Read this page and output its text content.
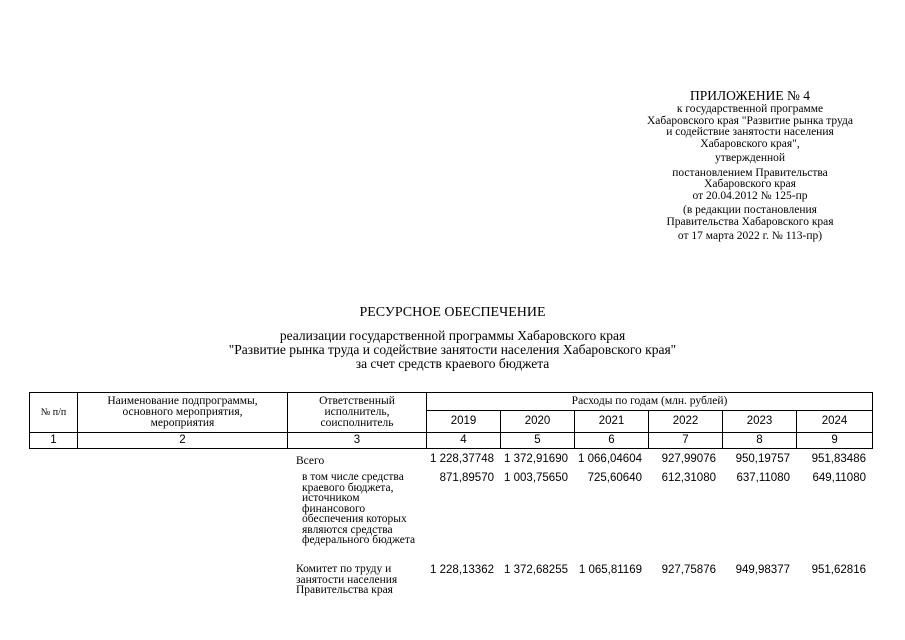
ПРИЛОЖЕНИЕ № 4
к государственной программе
Хабаровского края "Развитие рынка труда
и содействие занятости населения
Хабаровского края",
утвержденной
постановлением Правительства
Хабаровского края
от 20.04.2012 № 125-пр
(в редакции постановления
Правительства Хабаровского края
от 17 марта 2022 г. № 113-пр)
РЕСУРСНОЕ ОБЕСПЕЧЕНИЕ
реализации государственной программы Хабаровского края
"Развитие рынка труда и содействие занятости населения Хабаровского края"
за счет средств краевого бюджета
№ п/п	Наименование подпрограммы, основного мероприятия, мероприятия	Ответственный исполнитель, соисполнитель	Расходы по годам (млн. рублей)					
			2019	2020	2021	2022	2023	2024
1	2	3	4	5	6	7	8	9
		Всего	1 228,37748	1 372,91690	1 066,04604	927,99076	950,19757	951,83486
		в том числе средства краевого бюджета, источником финансового обеспечения которых являются средства федерального бюджета	871,89570	1 003,75650	725,60640	612,31080	637,11080	649,11080
		Комитет по труду и занятости населения Правительства края	1 228,13362	1 372,68255	1 065,81169	927,75876	949,98377	951,62816
